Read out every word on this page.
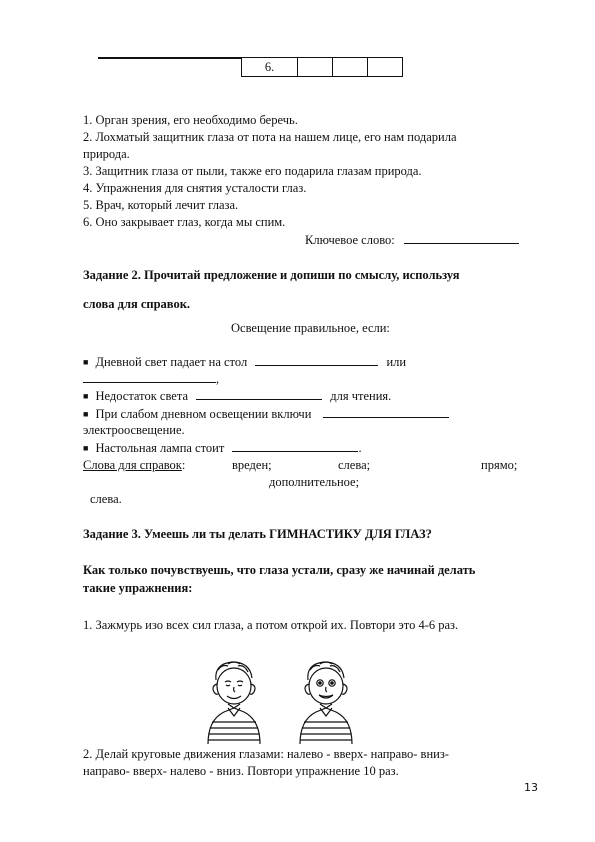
6.
1. Орган зрения, его необходимо беречь.
2. Лохматый защитник глаза от пота на нашем лице, его нам подарила
природа.
3. Защитник глаза от пыли, также его подарила глазам природа.
4. Упражнения для снятия усталости глаз.
5. Врач, который лечит глаза.
6. Оно закрывает глаз, когда мы спим.
Ключевое слово:
Задание 2. Прочитай предложение и допиши по смыслу, используя
слова для справок.
Освещение правильное, если:
■ Дневной свет падает на стол	или
,
■ Недостаток света	для чтения.
■ При слабом дневном освещении включи
электроосвещение.
■ Настольная лампа стоит	.
Слова для справок:	вреден;	слева;	прямо;
дополнительное;
слева.
Задание 3. Умеешь ли ты делать ГИМНАСТИКУ ДЛЯ ГЛАЗ?
Как только почувствуешь, что глаза устали, сразу же начинай делать
такие упражнения:
1. Зажмурь изо всех сил глаза, а потом открой их. Повтори это 4-6 раз.
2. Делай круговые движения глазами: налево - вверх- направо- вниз-
направо- вверх- налево - вниз. Повтори упражнение 10 раз.
13
